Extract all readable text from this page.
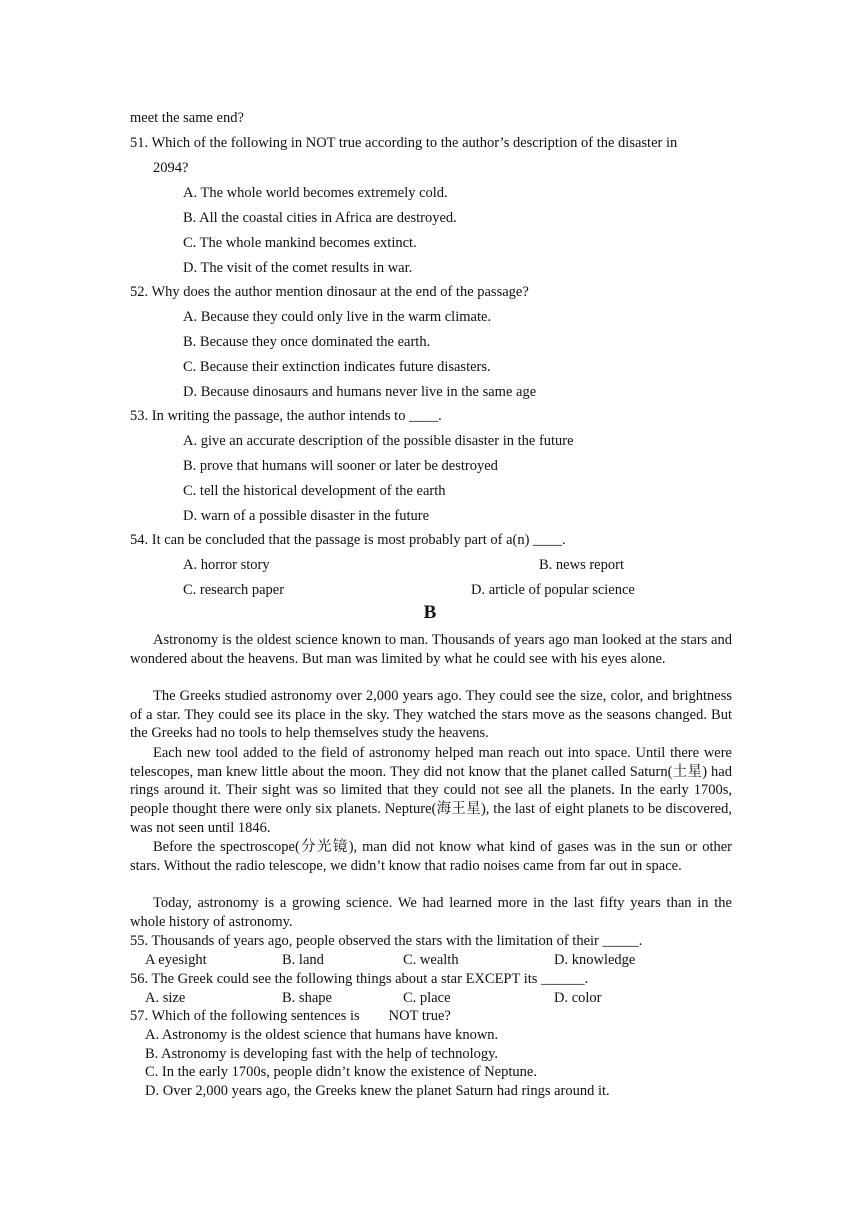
meet the same end?
51. Which of the following in NOT true according to the author’s description of the disaster in
2094?
A. The whole world becomes extremely cold.
B. All the coastal cities in Africa are destroyed.
C. The whole mankind becomes extinct.
D. The visit of the comet results in war.
52. Why does the author mention dinosaur at the end of the passage?
A. Because they could only live in the warm climate.
B. Because they once dominated the earth.
C. Because their extinction indicates future disasters.
D. Because dinosaurs and humans never live in the same age
53. In writing the passage, the author intends to ____.
A. give an accurate description of the possible disaster in the future
B. prove that humans will sooner or later be destroyed
C. tell the historical development of the earth
D. warn of a possible disaster in the future
54. It can be concluded that the passage is most probably part of a(n) ____.
A. horror story	B. news report
C. research paper	D. article of popular science
B
Astronomy is the oldest science known to man. Thousands of years ago man looked at the stars and wondered about the heavens. But man was limited by what he could see with his eyes alone.
The Greeks studied astronomy over 2,000 years ago. They could see the size, color, and brightness of a star. They could see its place in the sky. They watched the stars move as the seasons changed. But the Greeks had no tools to help themselves study the heavens.
Each new tool added to the field of astronomy helped man reach out into space. Until there were telescopes, man knew little about the moon. They did not know that the planet called Saturn(土星) had rings around it. Their sight was so limited that they could not see all the planets. In the early 1700s, people thought there were only six planets. Nepture(海王星), the last of eight planets to be discovered, was not seen until 1846.
Before the spectroscope(分光镜), man did not know what kind of gases was in the sun or other stars. Without the radio telescope, we didn’t know that radio noises came from far out in space.
Today, astronomy is a growing science. We had learned more in the last fifty years than in the whole history of astronomy.
55. Thousands of years ago, people observed the stars with the limitation of their _____.
A eyesight	B. land	C. wealth	D. knowledge
56. The Greek could see the following things about a star EXCEPT its ______.
A. size	B. shape	C. place	D. color
57. Which of the following sentences is        NOT true?
A. Astronomy is the oldest science that humans have known.
B. Astronomy is developing fast with the help of technology.
C. In the early 1700s, people didn’t know the existence of Neptune.
D. Over 2,000 years ago, the Greeks knew the planet Saturn had rings around it.
